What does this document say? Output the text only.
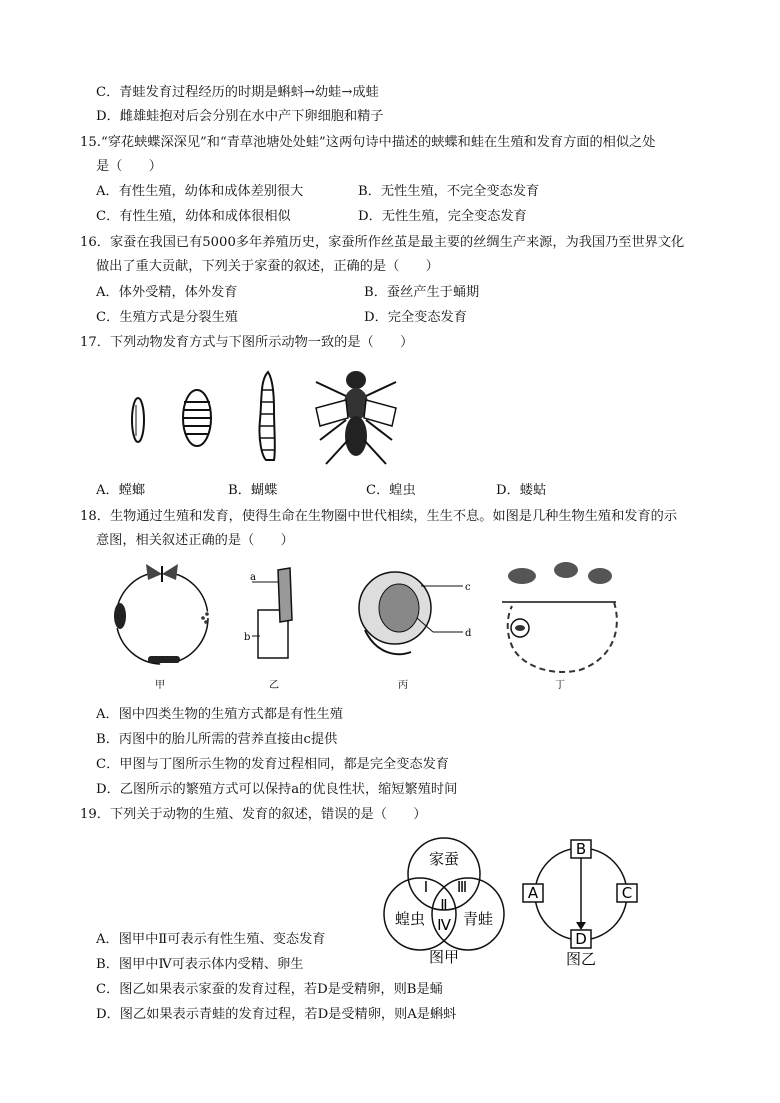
C．青蛙发育过程经历的时期是蝌蚪→幼蛙→成蛙
D．雌雄蛙抱对后会分别在水中产下卵细胞和精子
15.“穿花蛱蝶深深见”和“青草池塘处处蛙”这两句诗中描述的蛱蝶和蛙在生殖和发育方面的相似之处
是（　　）
A．有性生殖，幼体和成体差别很大	B．无性生殖，不完全变态发育
C．有性生殖，幼体和成体很相似	D．无性生殖，完全变态发育
16．家蚕在我国已有5000多年养殖历史，家蚕所作丝茧是最主要的丝绸生产来源，为我国乃至世界文化
做出了重大贡献，下列关于家蚕的叙述，正确的是（　　）
A．体外受精，体外发育	B．蚕丝产生于蛹期
C．生殖方式是分裂生殖	D．完全变态发育
17．下列动物发育方式与下图所示动物一致的是（　　）
A．螳螂	B．蝴蝶	C．蝗虫	D．蝼蛄
18．生物通过生殖和发育，使得生命在生物圈中世代相续，生生不息。如图是几种生物生殖和发育的示
意图，相关叙述正确的是（　　）
甲
a
b
乙
c
d
丙	丁
A．图中四类生物的生殖方式都是有性生殖
B．丙图中的胎儿所需的营养直接由c提供
C．甲图与丁图所示生物的发育过程相同，都是完全变态发育
D．乙图所示的繁殖方式可以保持a的优良性状，缩短繁殖时间
19．下列关于动物的生殖、发育的叙述，错误的是（　　）
家蚕
蝗虫	青蛙
Ⅰ Ⅲ
Ⅱ
Ⅳ
图甲
B
A	C
D
图乙
A．图甲中Ⅱ可表示有性生殖、变态发育
B．图甲中Ⅳ可表示体内受精、卵生
C．图乙如果表示家蚕的发育过程，若D是受精卵，则B是蛹
D．图乙如果表示青蛙的发育过程，若D是受精卵，则A是蝌蚪
